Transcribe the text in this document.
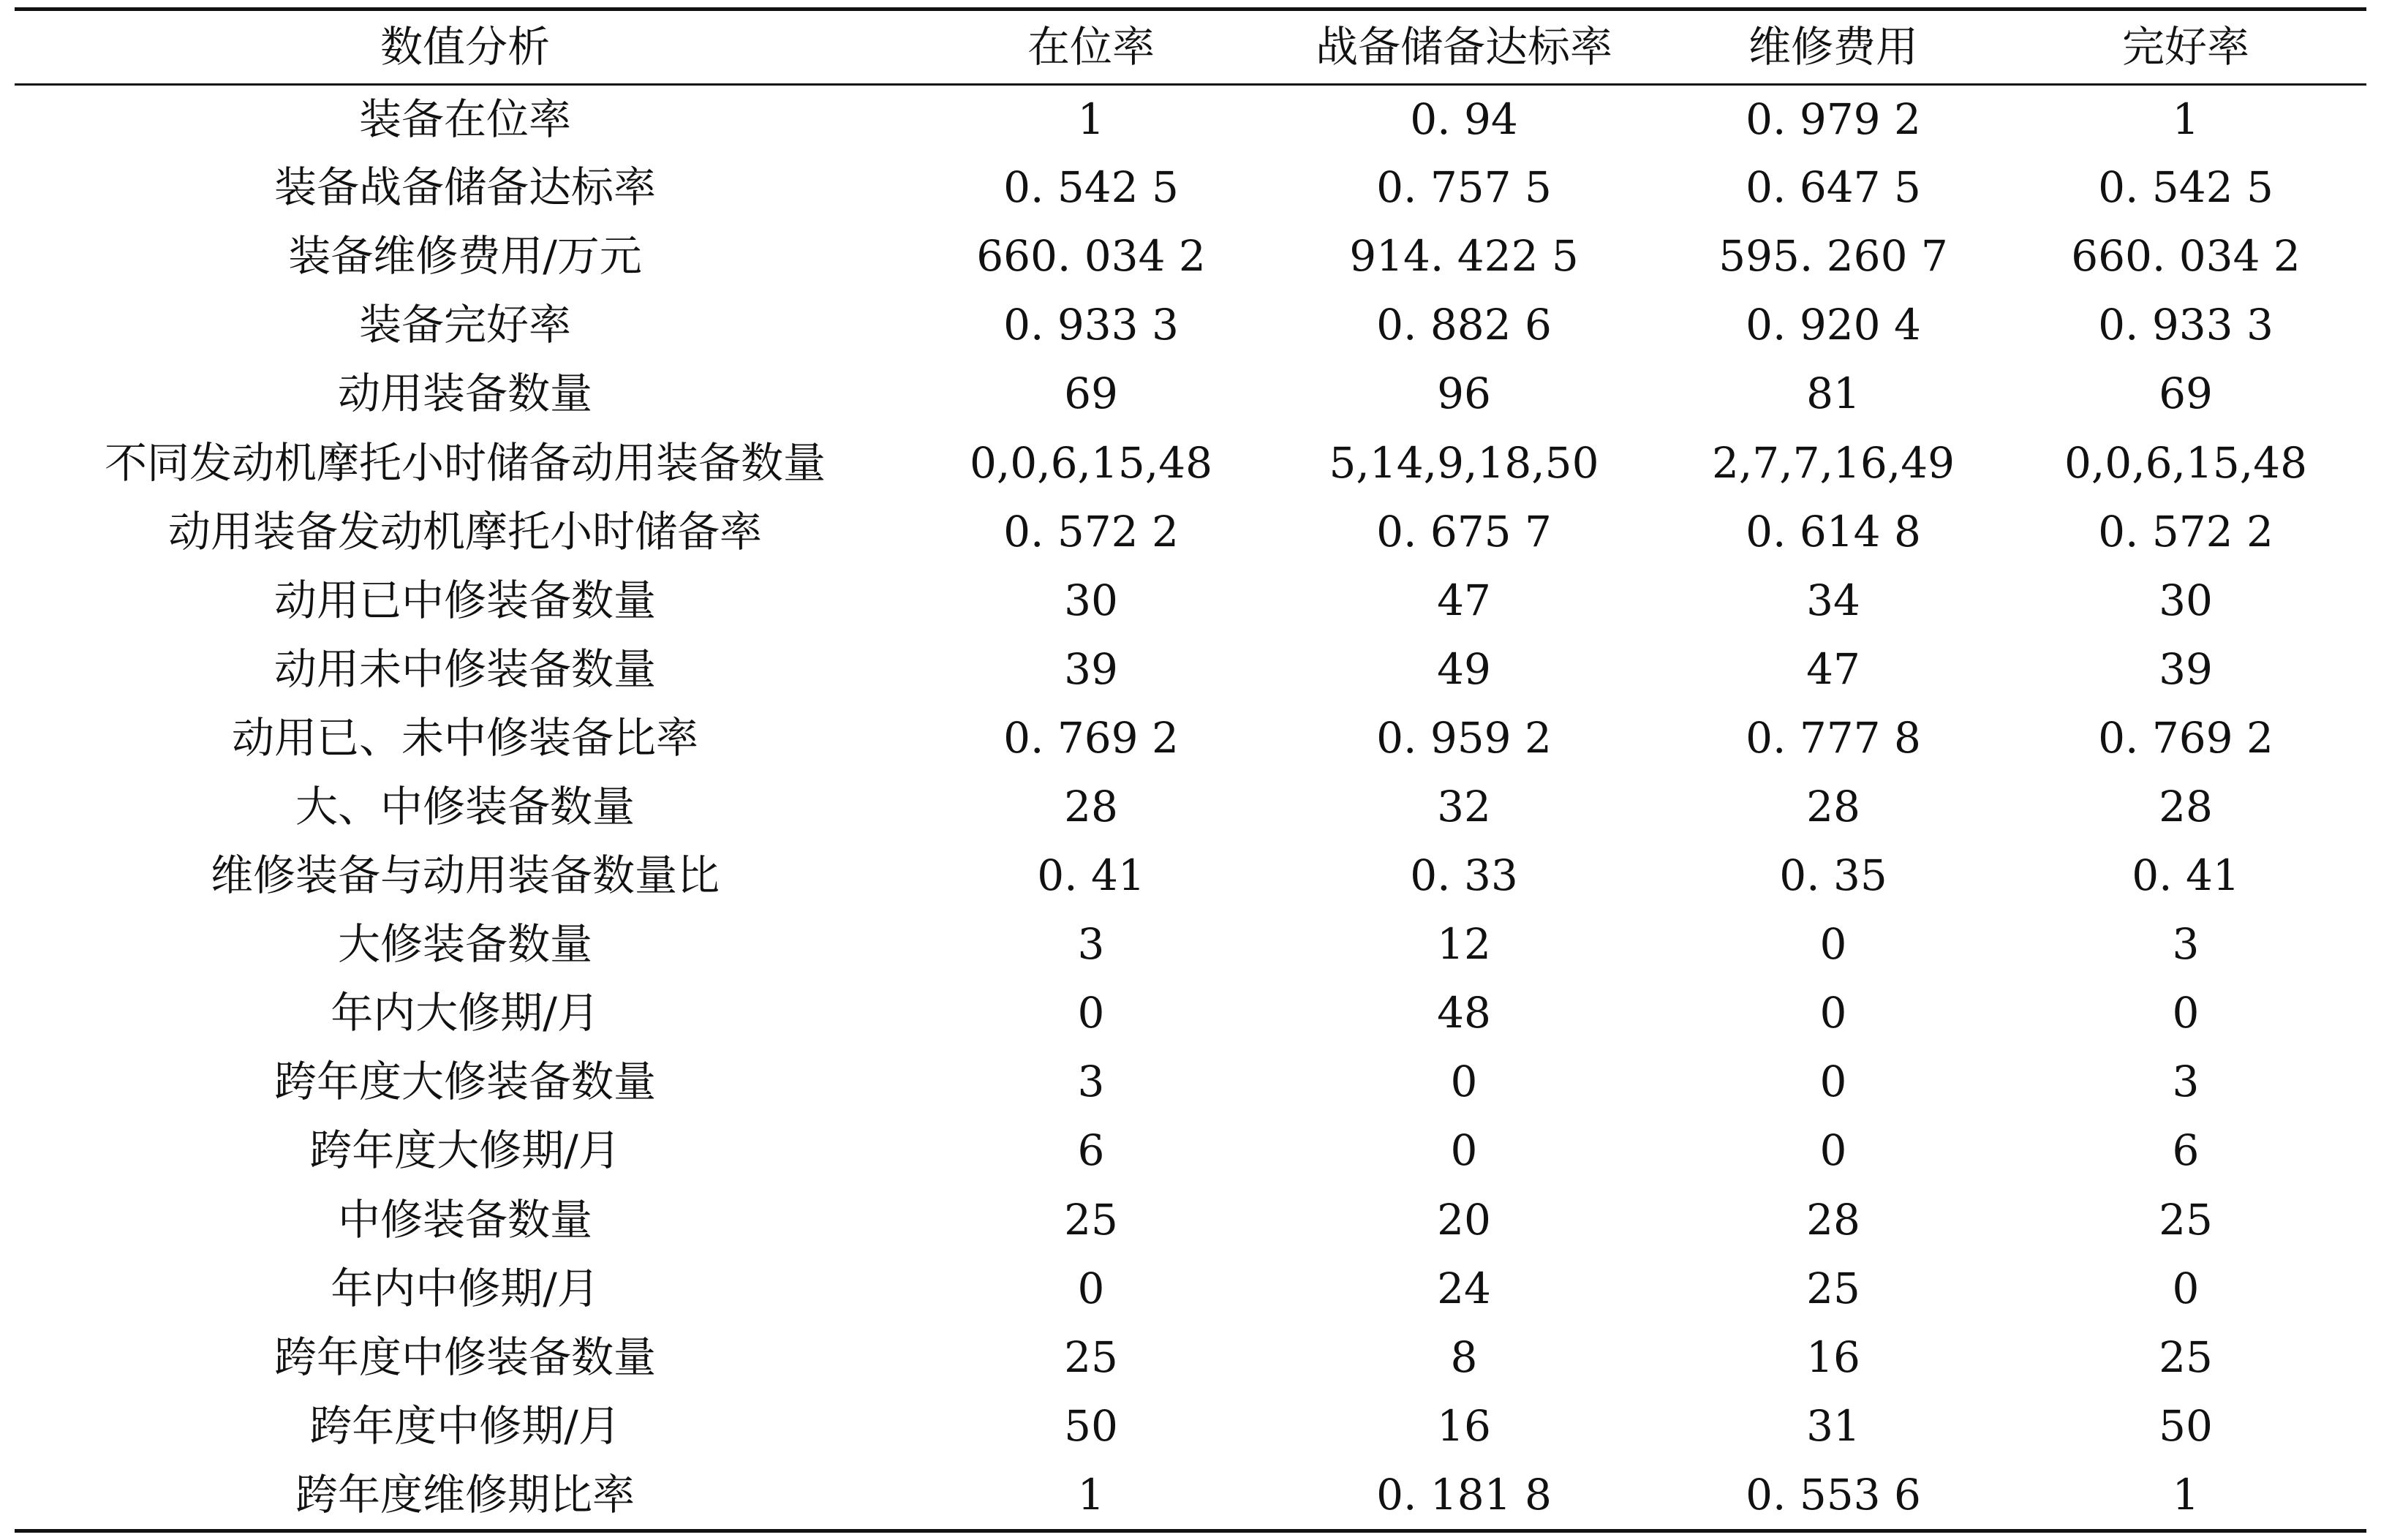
数值分析	在位率	战备储备达标率	维修费用	完好率
装备在位率	1	0. 94	0. 979 2	1
装备战备储备达标率	0. 542 5	0. 757 5	0. 647 5	0. 542 5
装备维修费用/万元	660. 034 2	914. 422 5	595. 260 7	660. 034 2
装备完好率	0. 933 3	0. 882 6	0. 920 4	0. 933 3
动用装备数量	69	96	81	69
不同发动机摩托小时储备动用装备数量	0,0,6,15,48	5,14,9,18,50	2,7,7,16,49	0,0,6,15,48
动用装备发动机摩托小时储备率	0. 572 2	0. 675 7	0. 614 8	0. 572 2
动用已中修装备数量	30	47	34	30
动用未中修装备数量	39	49	47	39
动用已、未中修装备比率	0. 769 2	0. 959 2	0. 777 8	0. 769 2
大、中修装备数量	28	32	28	28
维修装备与动用装备数量比	0. 41	0. 33	0. 35	0. 41
大修装备数量	3	12	0	3
年内大修期/月	0	48	0	0
跨年度大修装备数量	3	0	0	3
跨年度大修期/月	6	0	0	6
中修装备数量	25	20	28	25
年内中修期/月	0	24	25	0
跨年度中修装备数量	25	8	16	25
跨年度中修期/月	50	16	31	50
跨年度维修期比率	1	0. 181 8	0. 553 6	1
